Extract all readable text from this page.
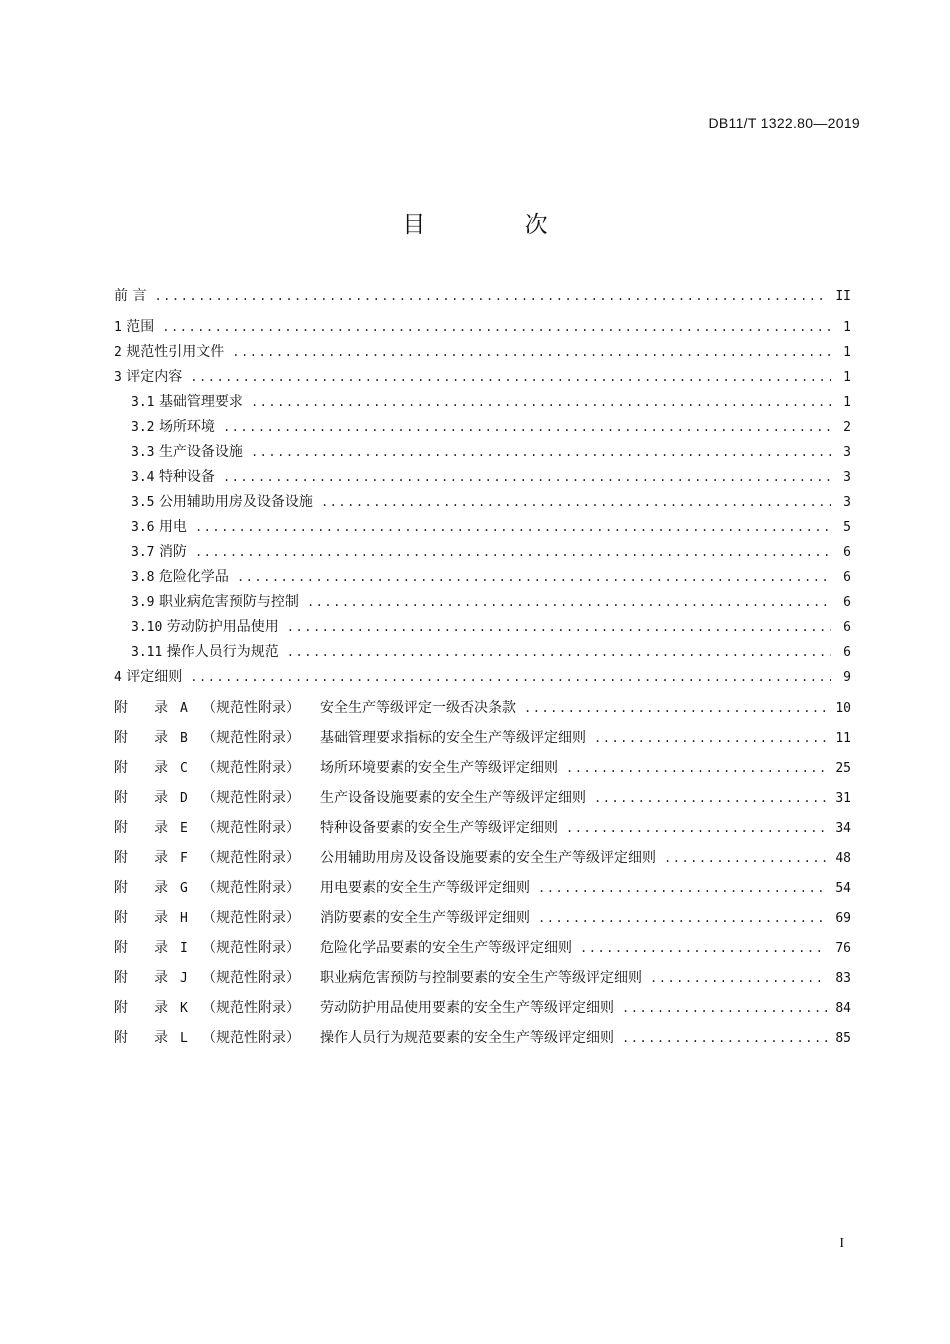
DB11/T 1322.80—2019
目 次
前 言 .....	II
1 范围 .....	1
2 规范性引用文件 .....	1
3 评定内容 .....	1
3.1 基础管理要求 .....	1
3.2 场所环境 .....	2
3.3 生产设备设施 .....	3
3.4 特种设备 .....	3
3.5 公用辅助用房及设备设施 .....	3
3.6 用电 .....	5
3.7 消防 .....	6
3.8 危险化学品 .....	6
3.9 职业病危害预防与控制 .....	6
3.10 劳动防护用品使用 .....	6
3.11 操作人员行为规范 .....	6
4 评定细则 .....	9
附 录 A （规范性附录） 安全生产等级评定一级否决条款 .....	10
附 录 B （规范性附录） 基础管理要求指标的安全生产等级评定细则 .....	11
附 录 C （规范性附录） 场所环境要素的安全生产等级评定细则 .....	25
附 录 D （规范性附录） 生产设备设施要素的安全生产等级评定细则 .....	31
附 录 E （规范性附录） 特种设备要素的安全生产等级评定细则 .....	34
附 录 F （规范性附录） 公用辅助用房及设备设施要素的安全生产等级评定细则 .....	48
附 录 G （规范性附录） 用电要素的安全生产等级评定细则 .....	54
附 录 H （规范性附录） 消防要素的安全生产等级评定细则 .....	69
附 录 I （规范性附录） 危险化学品要素的安全生产等级评定细则 .....	76
附 录 J （规范性附录） 职业病危害预防与控制要素的安全生产等级评定细则 .....	83
附 录 K （规范性附录） 劳动防护用品使用要素的安全生产等级评定细则 .....	84
附 录 L （规范性附录） 操作人员行为规范要素的安全生产等级评定细则 .....	85
I
